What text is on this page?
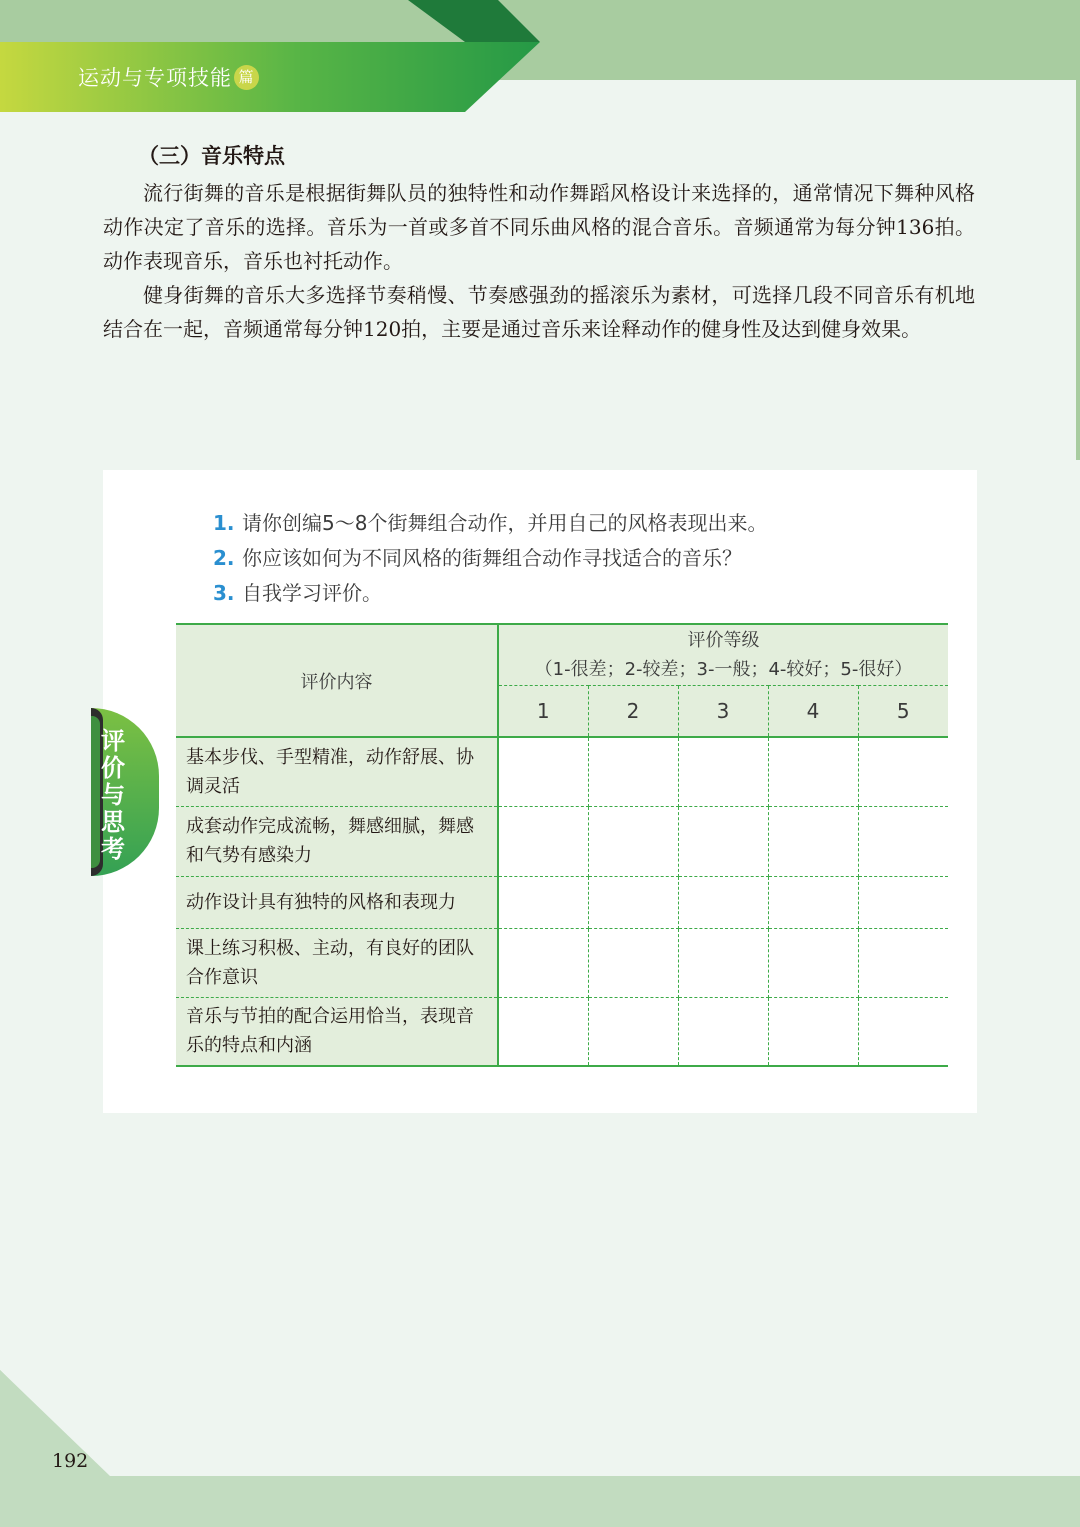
运动与专项技能 篇
（三）音乐特点

流行街舞的音乐是根据街舞队员的独特性和动作舞蹈风格设计来选择的，通常情况下舞种风格动作决定了音乐的选择。音乐为一首或多首不同乐曲风格的混合音乐。音频通常为每分钟136拍。动作表现音乐，音乐也衬托动作。

健身街舞的音乐大多选择节奏稍慢、节奏感强劲的摇滚乐为素材，可选择几段不同音乐有机地结合在一起，音频通常每分钟120拍，主要是通过音乐来诠释动作的健身性及达到健身效果。

评价与思考
1. 请你创编5～8个街舞组合动作，并用自己的风格表现出来。
2. 你应该如何为不同风格的街舞组合动作寻找适合的音乐？
3. 自我学习评价。
评价内容	评价等级
（1-很差；2-较差；3-一般；4-较好；5-很好）				

	1	2	3	4	5
基本步伐、手型精准，动作舒展、协调灵活					
成套动作完成流畅，舞感细腻，舞感和气势有感染力					
动作设计具有独特的风格和表现力					
课上练习积极、主动，有良好的团队合作意识					
音乐与节拍的配合运用恰当，表现音乐的特点和内涵					
192
